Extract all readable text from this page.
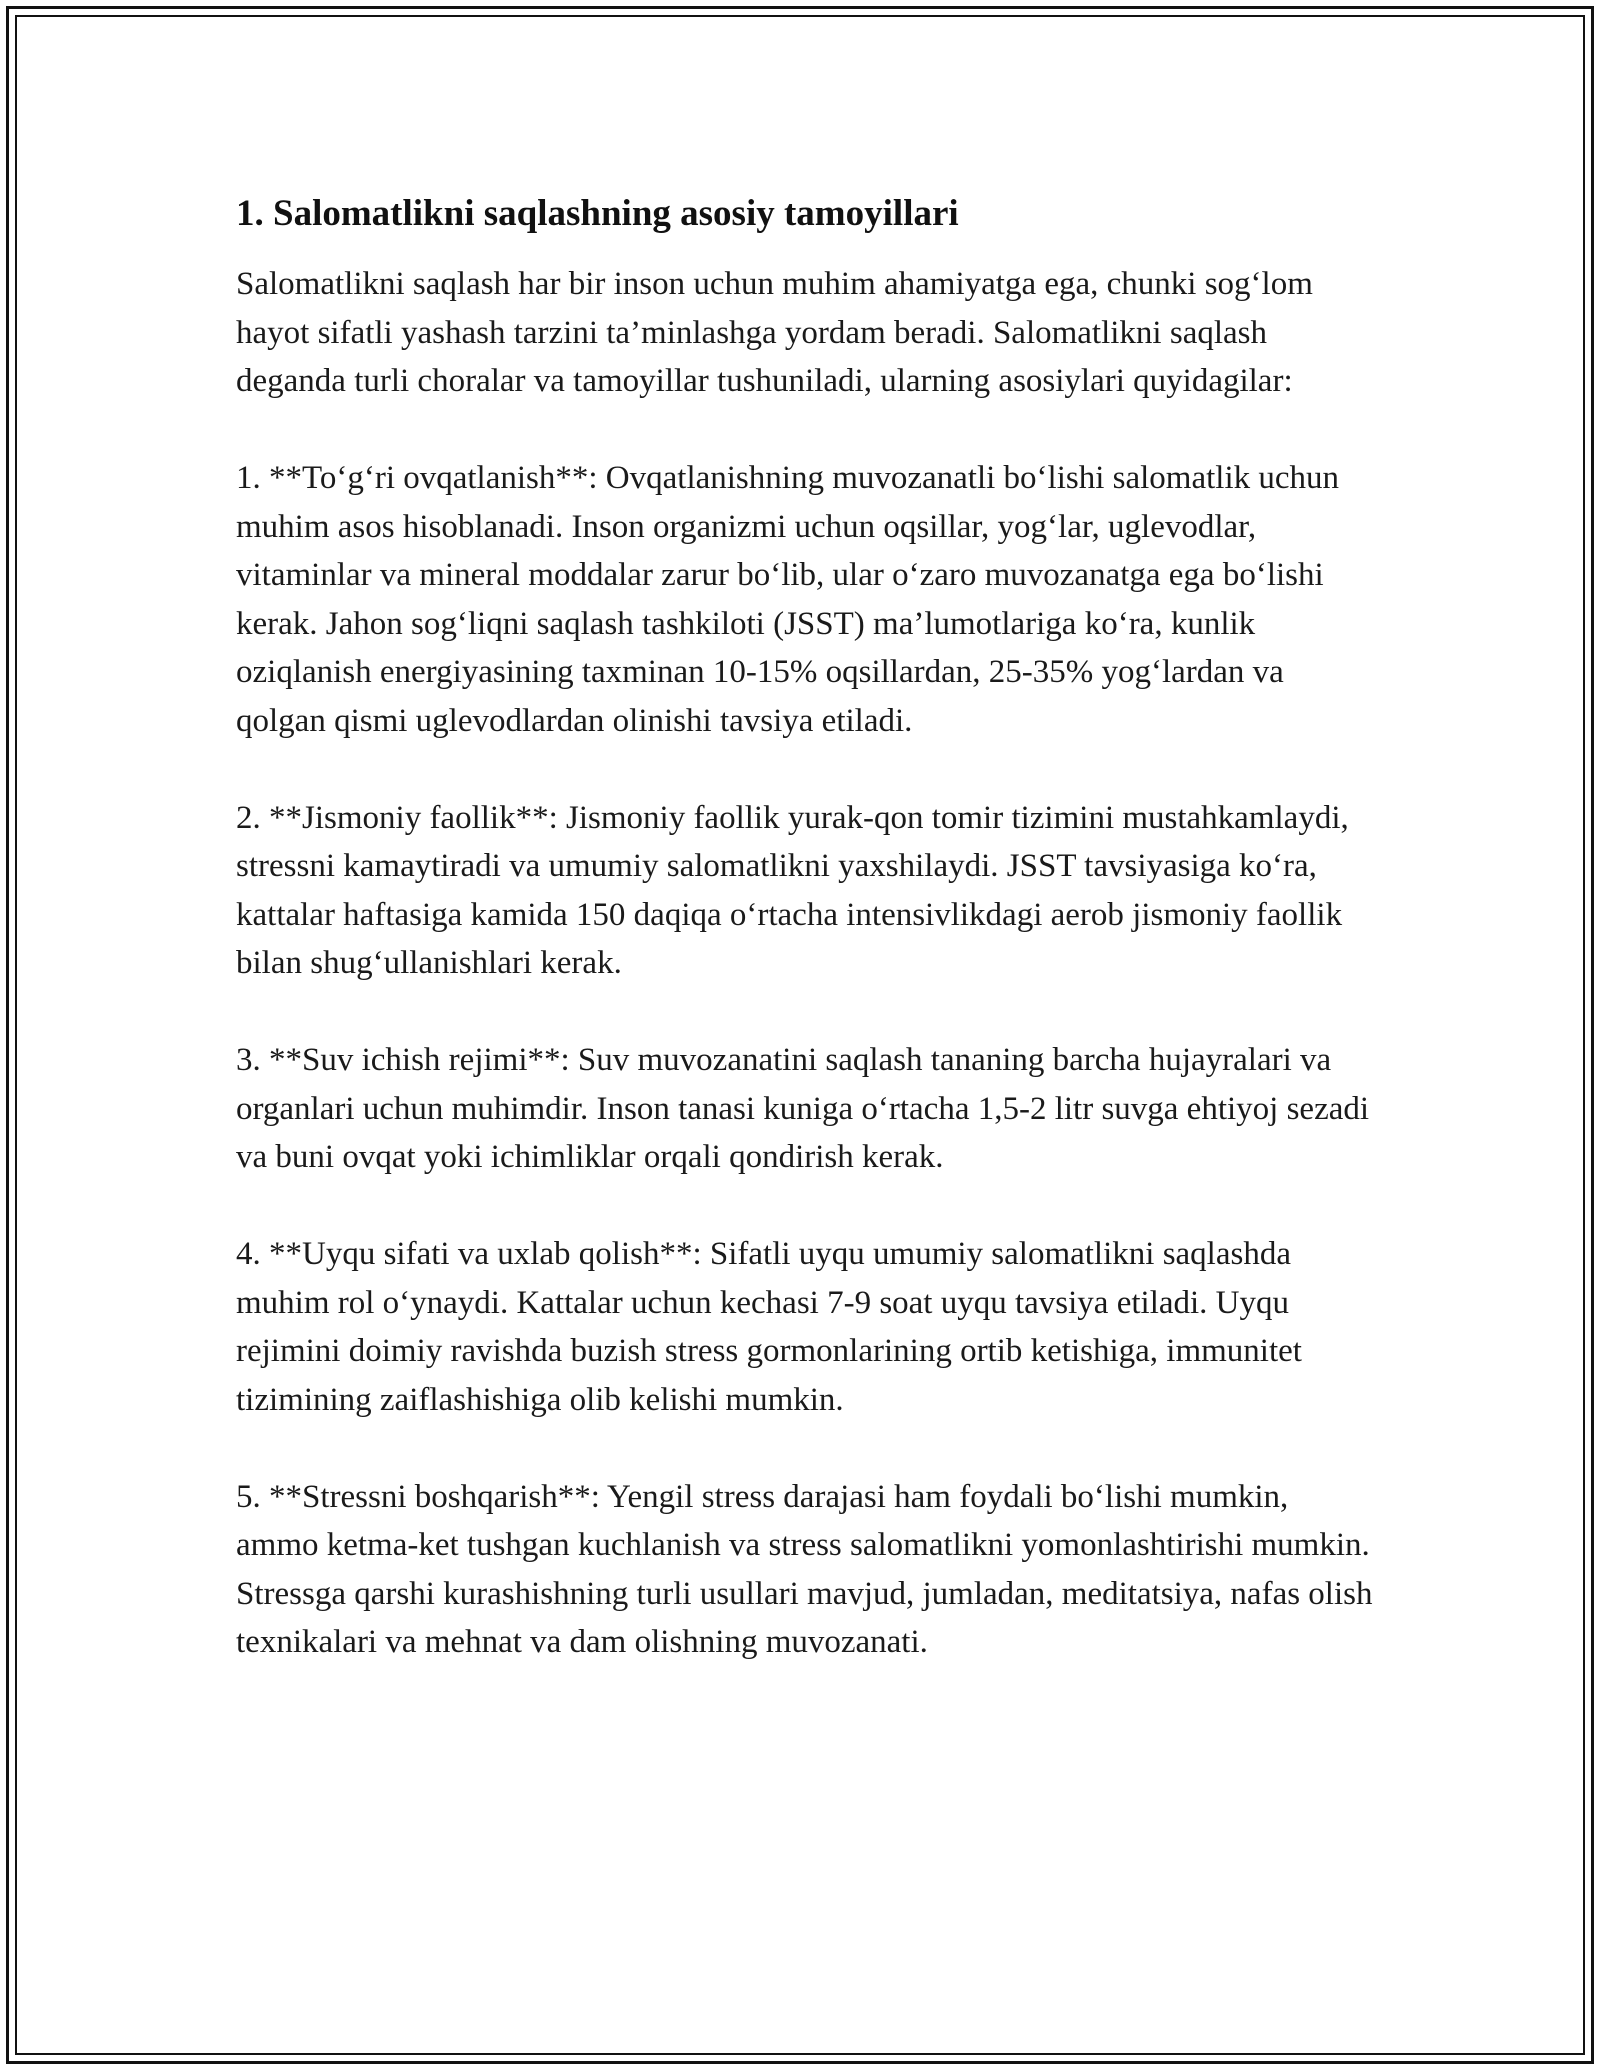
1. Salomatlikni saqlashning asosiy tamoyillari

Salomatlikni saqlash har bir inson uchun muhim ahamiyatga ega, chunki sog‘lom hayot sifatli yashash tarzini ta’minlashga yordam beradi. Salomatlikni saqlash deganda turli choralar va tamoyillar tushuniladi, ularning asosiylari quyidagilar:

1. **To‘g‘ri ovqatlanish**: Ovqatlanishning muvozanatli bo‘lishi salomatlik uchun muhim asos hisoblanadi. Inson organizmi uchun oqsillar, yog‘lar, uglevodlar, vitaminlar va mineral moddalar zarur bo‘lib, ular o‘zaro muvozanatga ega bo‘lishi kerak. Jahon sog‘liqni saqlash tashkiloti (JSST) ma’lumotlariga ko‘ra, kunlik oziqlanish energiyasining taxminan 10-15% oqsillardan, 25-35% yog‘lardan va qolgan qismi uglevodlardan olinishi tavsiya etiladi.

2. **Jismoniy faollik**: Jismoniy faollik yurak-qon tomir tizimini mustahkamlaydi, stressni kamaytiradi va umumiy salomatlikni yaxshilaydi. JSST tavsiyasiga ko‘ra, kattalar haftasiga kamida 150 daqiqa o‘rtacha intensivlikdagi aerob jismoniy faollik bilan shug‘ullanishlari kerak.

3. **Suv ichish rejimi**: Suv muvozanatini saqlash tananing barcha hujayralari va organlari uchun muhimdir. Inson tanasi kuniga o‘rtacha 1,5-2 litr suvga ehtiyoj sezadi va buni ovqat yoki ichimliklar orqali qondirish kerak.

4. **Uyqu sifati va uxlab qolish**: Sifatli uyqu umumiy salomatlikni saqlashda muhim rol o‘ynaydi. Kattalar uchun kechasi 7-9 soat uyqu tavsiya etiladi. Uyqu rejimini doimiy ravishda buzish stress gormonlarining ortib ketishiga, immunitet tizimining zaiflashishiga olib kelishi mumkin.

5. **Stressni boshqarish**: Yengil stress darajasi ham foydali bo‘lishi mumkin, ammo ketma-ket tushgan kuchlanish va stress salomatlikni yomonlashtirishi mumkin. Stressga qarshi kurashishning turli usullari mavjud, jumladan, meditatsiya, nafas olish texnikalari va mehnat va dam olishning muvozanati.
